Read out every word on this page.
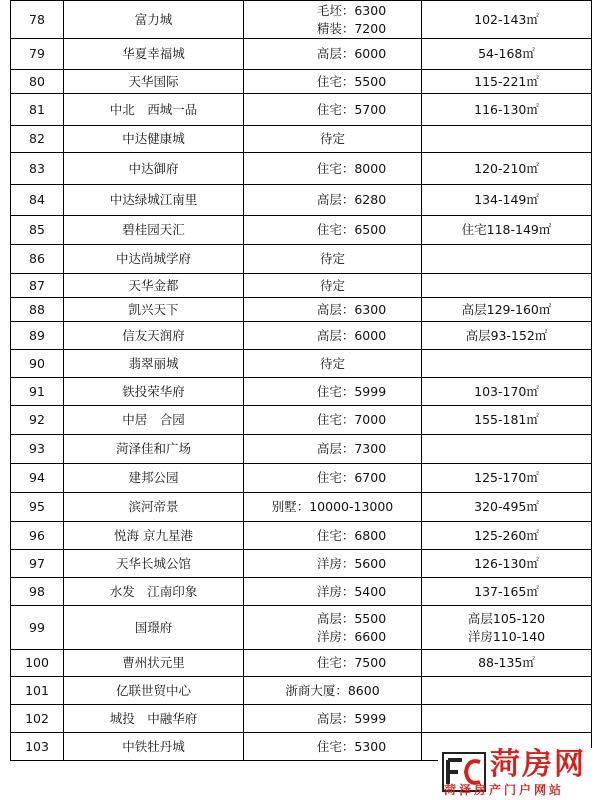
78	富力城	毛坯：6300
精装：7200	102-143㎡

79	华夏幸福城	高层：6000	54-168㎡

80	天华国际	住宅：5500	115-221㎡

81	中北　西城一品	住宅：5700	116-130㎡

82	中达健康城	待定	

83	中达御府	住宅：8000	120-210㎡

84	中达绿城江南里	高层：6280	134-149㎡

85	碧桂园天汇	住宅：6500	住宅118-149㎡

86	中达尚城学府	待定	

87	天华金都	待定	

88	凯兴天下	高层：6300	高层129-160㎡

89	信友天润府	高层：6000	高层93-152㎡

90	翡翠丽城	待定	

91	铁投荣华府	住宅：5999	103-170㎡

92	中居　合园	住宅：7000	155-181㎡

93	菏泽佳和广场	高层：7300	

94	建邦公园	住宅：6700	125-170㎡

95	滨河帝景	别墅：10000-13000	320-495㎡

96	悦海 京九星港	住宅：6800	125-260㎡

97	天华长城公馆	洋房：5600	126-130㎡

98	水发　江南印象	洋房：5400	137-165㎡

99	国璟府	高层：5500
洋房：6600	高层105-120
洋房110-140

100	曹州状元里	住宅：7500	88-135㎡

101	亿联世贸中心	浙商大厦：8600	

102	城投　中融华府	高层：5999	

103	中铁牡丹城	住宅：5300	

菏房网
菏泽房产门户网站
